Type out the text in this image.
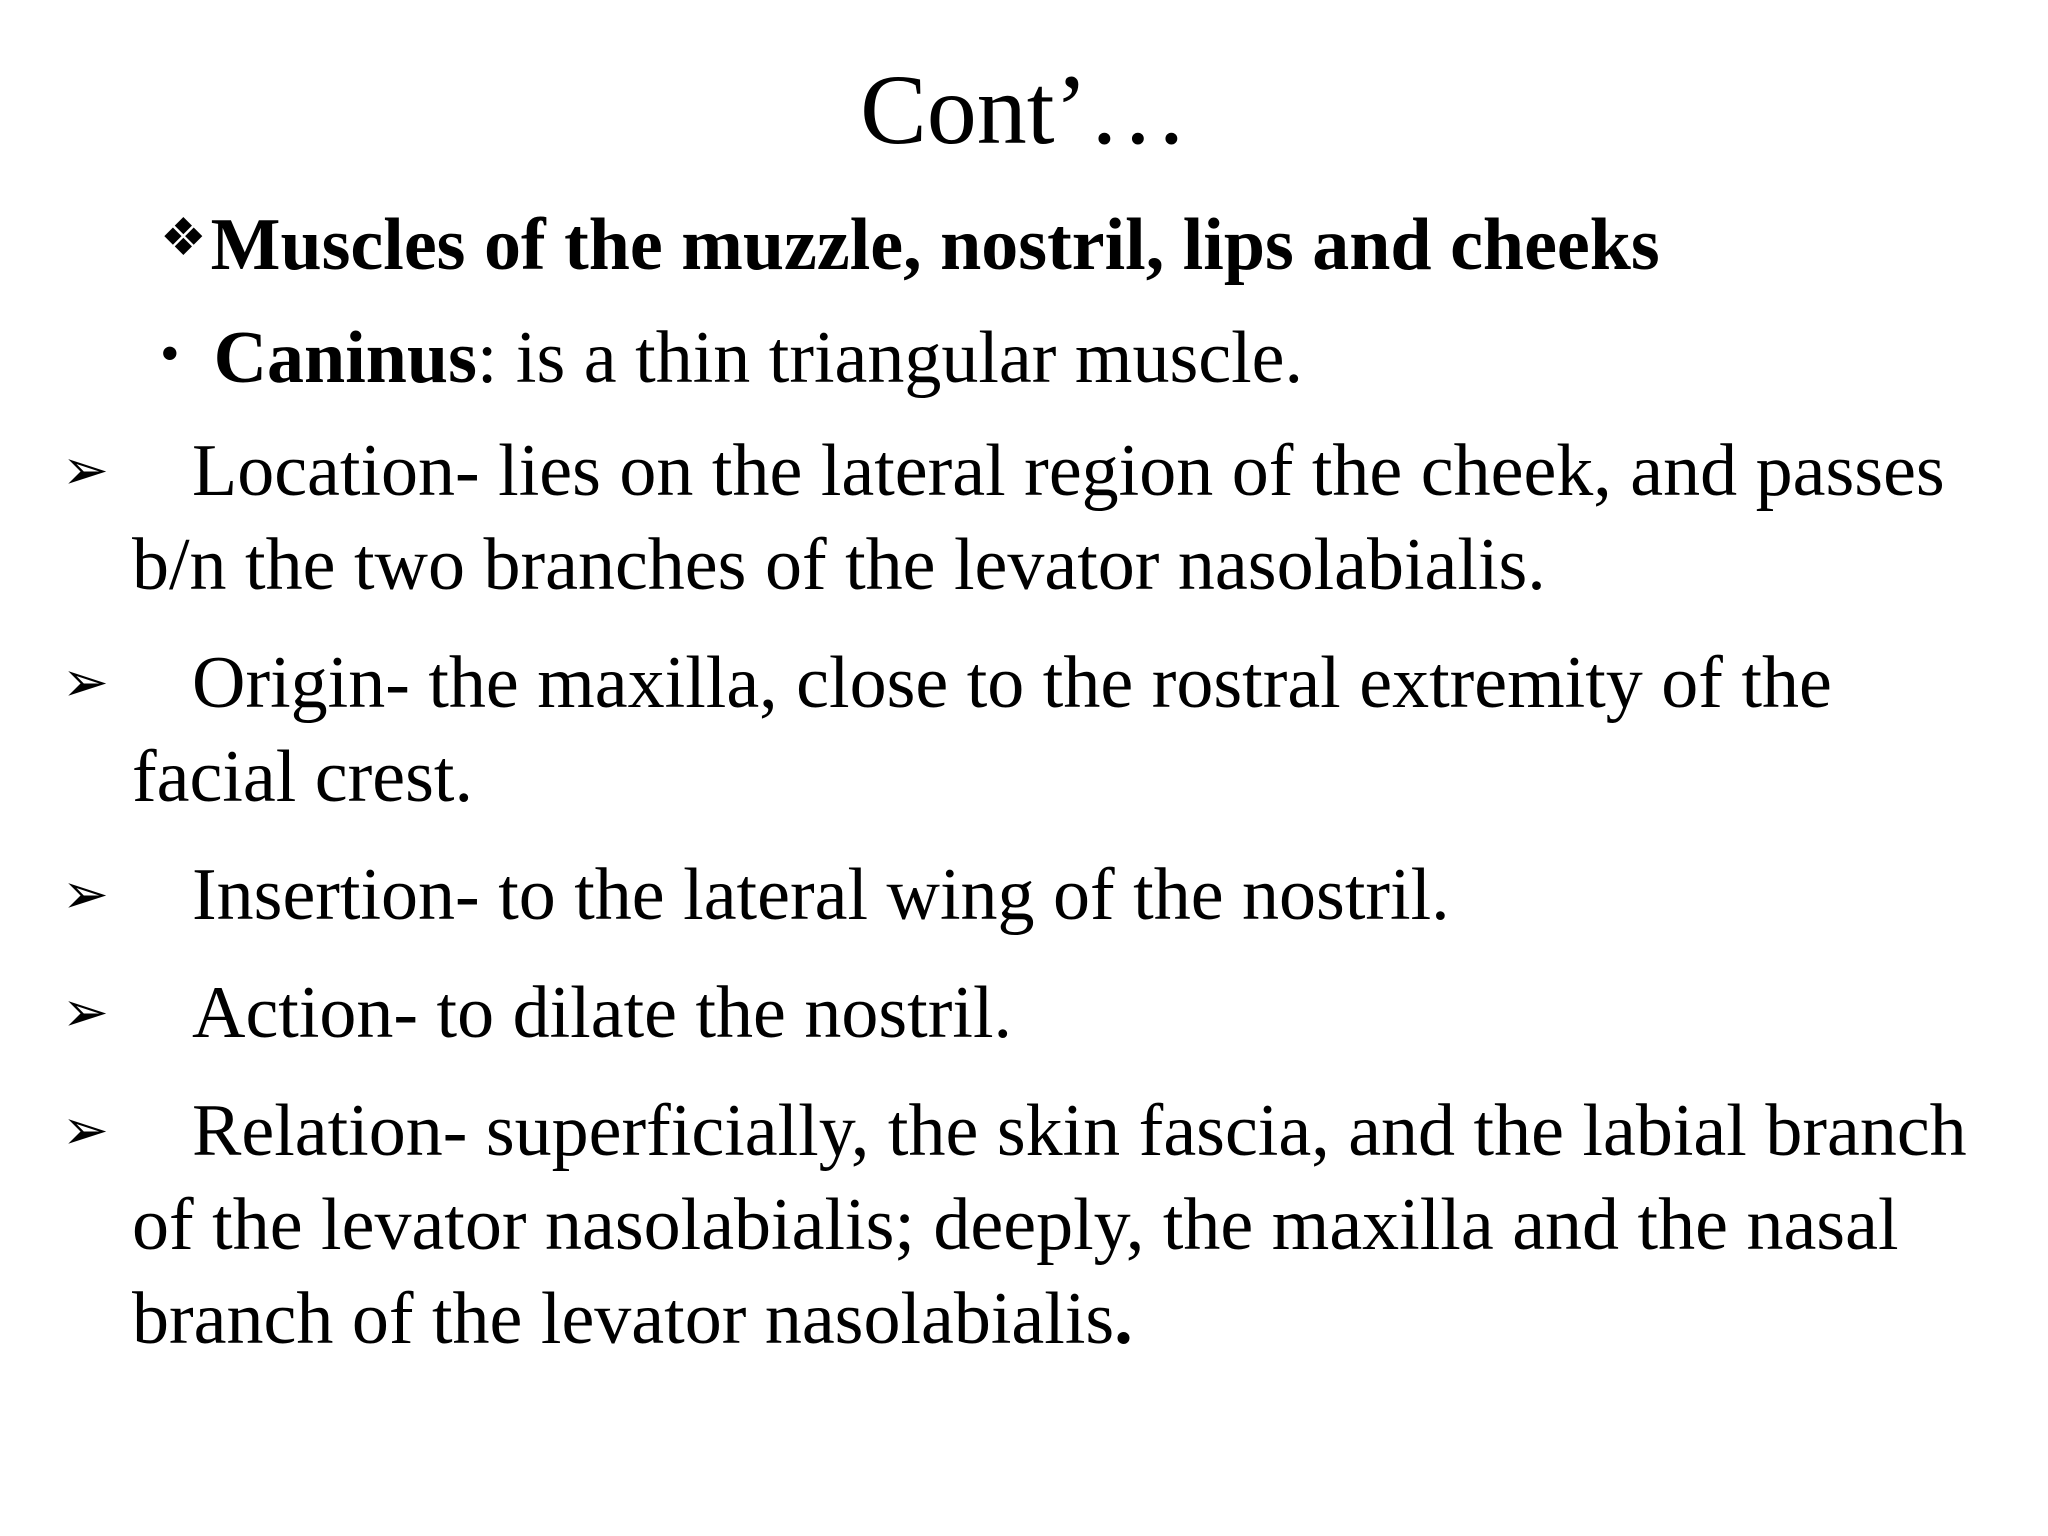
Cont’…
❖Muscles of the muzzle, nostril, lips and cheeks
• Caninus: is a thin triangular muscle.
➢	Location- lies on the lateral region of the cheek, and passes b/n the two branches of the levator nasolabialis.
➢	Origin- the maxilla, close to the rostral extremity of the facial crest.
➢	Insertion- to the lateral wing of the nostril.
➢	Action- to dilate the nostril.
➢	Relation- superficially, the skin fascia, and the labial branch of the levator nasolabialis; deeply, the maxilla and the nasal branch of the levator nasolabialis.
